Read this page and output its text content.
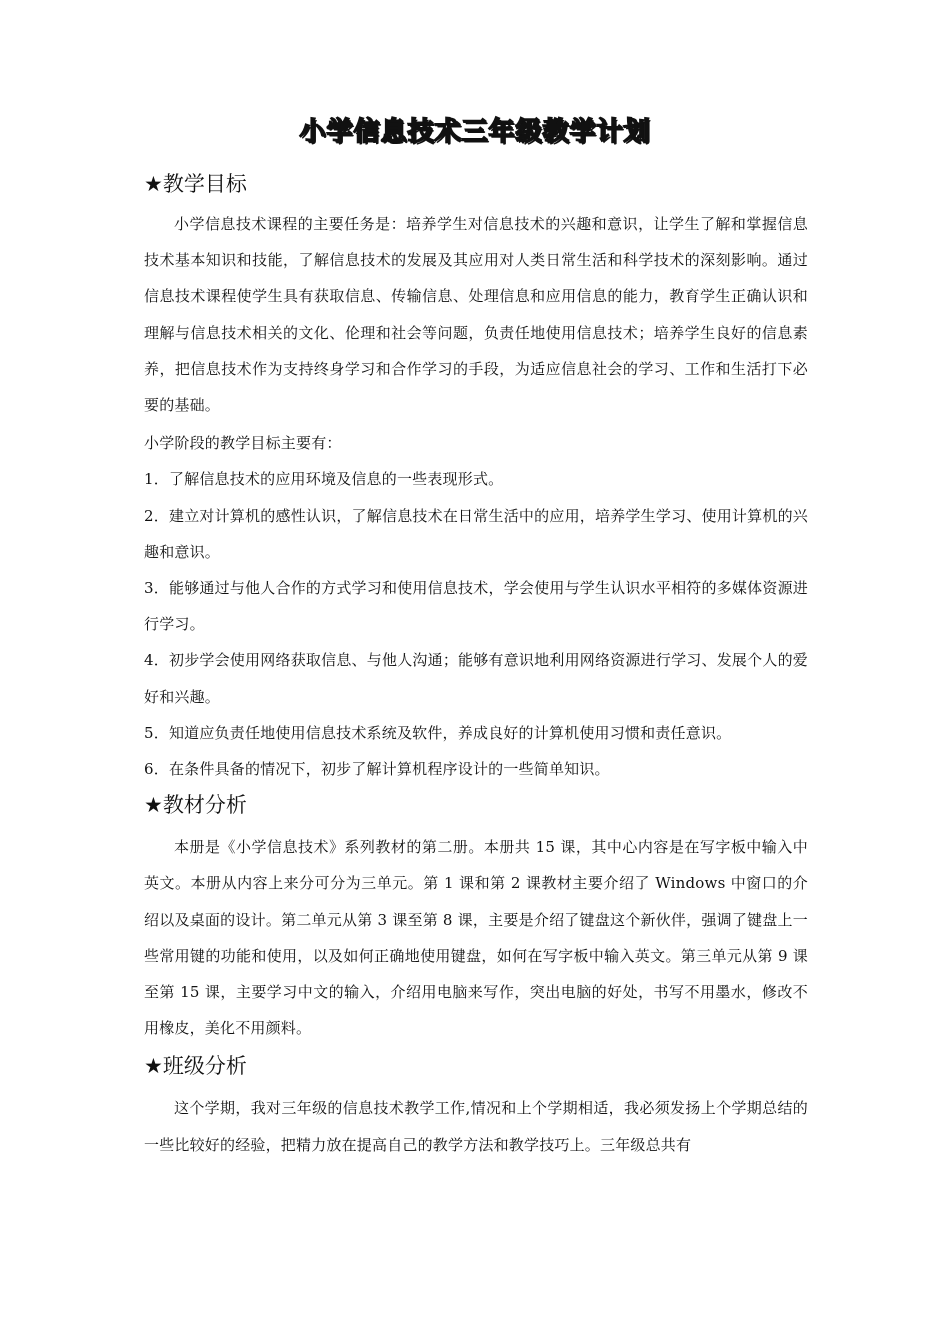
小学信息技术三年级教学计划
★教学目标

小学信息技术课程的主要任务是：培养学生对信息技术的兴趣和意识，让学生了解和掌握信息技术基本知识和技能，了解信息技术的发展及其应用对人类日常生活和科学技术的深刻影响。通过信息技术课程使学生具有获取信息、传输信息、处理信息和应用信息的能力，教育学生正确认识和理解与信息技术相关的文化、伦理和社会等问题，负责任地使用信息技术；培养学生良好的信息素养，把信息技术作为支持终身学习和合作学习的手段，为适应信息社会的学习、工作和生活打下必要的基础。

小学阶段的教学目标主要有：

1．了解信息技术的应用环境及信息的一些表现形式。

2．建立对计算机的感性认识，了解信息技术在日常生活中的应用，培养学生学习、使用计算机的兴趣和意识。

3．能够通过与他人合作的方式学习和使用信息技术，学会使用与学生认识水平相符的多媒体资源进行学习。

4．初步学会使用网络获取信息、与他人沟通；能够有意识地利用网络资源进行学习、发展个人的爱好和兴趣。

5．知道应负责任地使用信息技术系统及软件，养成良好的计算机使用习惯和责任意识。

6．在条件具备的情况下，初步了解计算机程序设计的一些简单知识。

★教材分析

本册是《小学信息技术》系列教材的第二册。本册共 15 课，其中心内容是在写字板中输入中英文。本册从内容上来分可分为三单元。第 1 课和第 2 课教材主要介绍了 Windows 中窗口的介绍以及桌面的设计。第二单元从第 3 课至第 8 课，主要是介绍了键盘这个新伙伴，强调了键盘上一些常用键的功能和使用，以及如何正确地使用键盘，如何在写字板中输入英文。第三单元从第 9 课至第 15 课，主要学习中文的输入，介绍用电脑来写作，突出电脑的好处，书写不用墨水，修改不用橡皮，美化不用颜料。

★班级分析

这个学期，我对三年级的信息技术教学工作,情况和上个学期相适，我必须发扬上个学期总结的一些比较好的经验，把精力放在提高自己的教学方法和教学技巧上。三年级总共有
